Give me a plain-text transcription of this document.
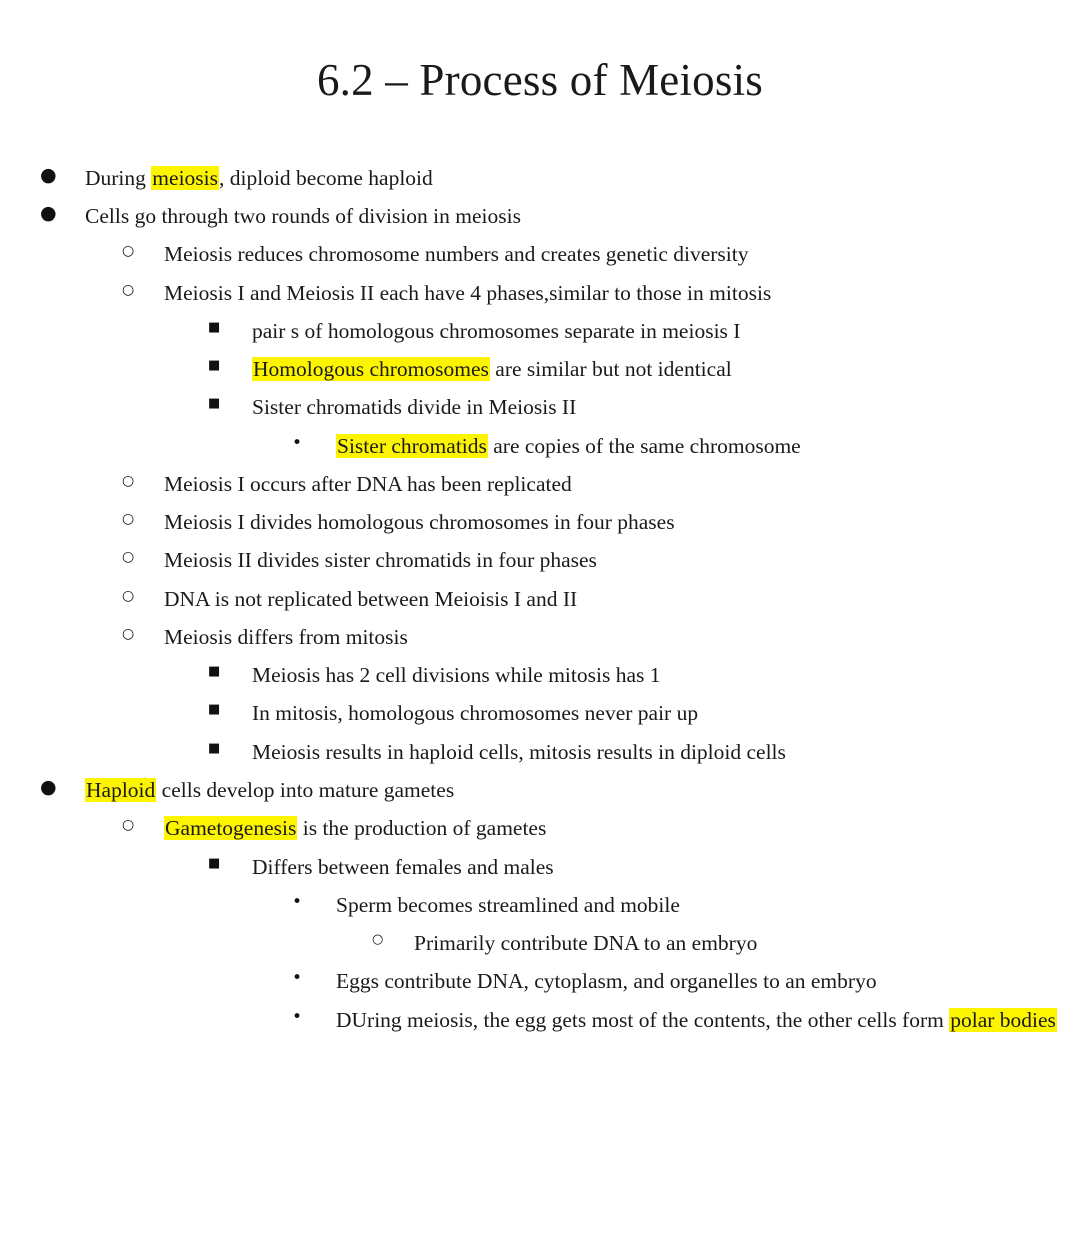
6.2 – Process of Meiosis
●	During meiosis, diploid become haploid
●	Cells go through two rounds of division in meiosis
○	Meiosis reduces chromosome numbers and creates genetic diversity
○	Meiosis I and Meiosis II each have 4 phases,similar to those in mitosis
■	pair s of homologous chromosomes separate in meiosis I
■	Homologous chromosomes are similar but not identical
■	Sister chromatids divide in Meiosis II
•	Sister chromatids are copies of the same chromosome
○	Meiosis I occurs after DNA has been replicated
○	Meiosis I divides homologous chromosomes in four phases
○	Meiosis II divides sister chromatids in four phases
○	DNA is not replicated between Meioisis I and II
○	Meiosis differs from mitosis
■	Meiosis has 2 cell divisions while mitosis has 1
■	In mitosis, homologous chromosomes never pair up
■	Meiosis results in haploid cells, mitosis results in diploid cells
●	Haploid cells develop into mature gametes
○	Gametogenesis is the production of gametes
■	Differs between females and males
•	Sperm becomes streamlined and mobile
○	Primarily contribute DNA to an embryo
•	Eggs contribute DNA, cytoplasm, and organelles to an embryo
•	DUring meiosis, the egg gets most of the contents, the other cells form polar bodies
